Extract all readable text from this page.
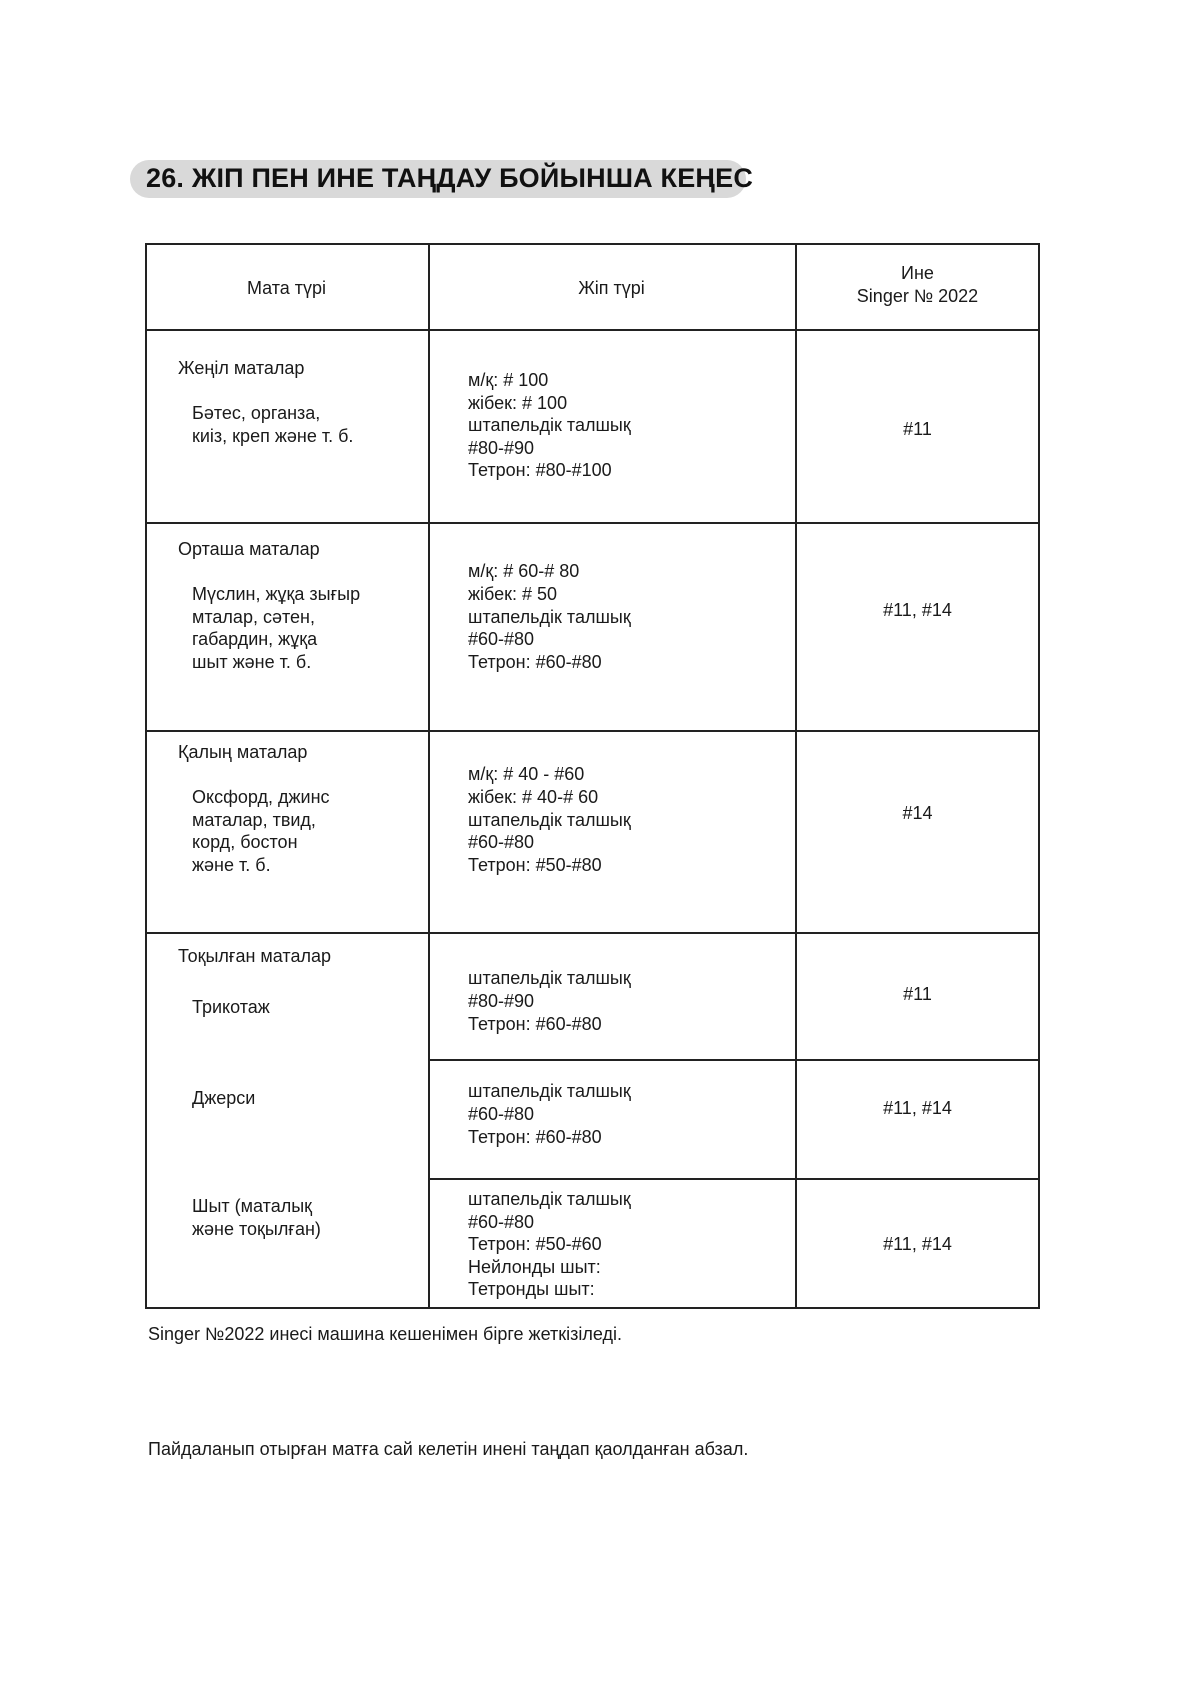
26. ЖІП ПЕН ИНЕ ТАҢДАУ БОЙЫНША КЕҢЕС
Мата түрі	Жіп түрі
Ине
Singer № 2022
Жеңіл маталар
Бәтес, органза,
киіз, креп және т. б.
м/қ: # 100
жібек: # 100
штапельдік талшық
#80-#90
Тетрон: #80-#100
#11
Орташа маталар
Мүслин, жұқа зығыр
мталар, сәтен,
габардин, жұқа
шыт және т. б.
м/қ: # 60-# 80
жібек: # 50
штапельдік талшық
#60-#80
Тетрон: #60-#80
#11, #14
Қалың маталар
Оксфорд, джинс
маталар, твид,
корд, бостон
және т. б.
м/қ: # 40 - #60
жібек: # 40-# 60
штапельдік талшық
#60-#80
Тетрон: #50-#80
#14
Тоқылған маталар
Трикотаж
штапельдік талшық
#80-#90
Тетрон: #60-#80
#11
Джерси	штапельдік талшық
#60-#80
Тетрон: #60-#80
#11, #14
Шыт (маталық
және тоқылған)
штапельдік талшық
#60-#80
Тетрон: #50-#60
Нейлонды шыт:
Тетронды шыт:
#11, #14
Singer №2022 инесі машина кешенімен бірге жеткізіледі.
Пайдаланып отырған матға сай келетін инені таңдап қаолданған абзал.
